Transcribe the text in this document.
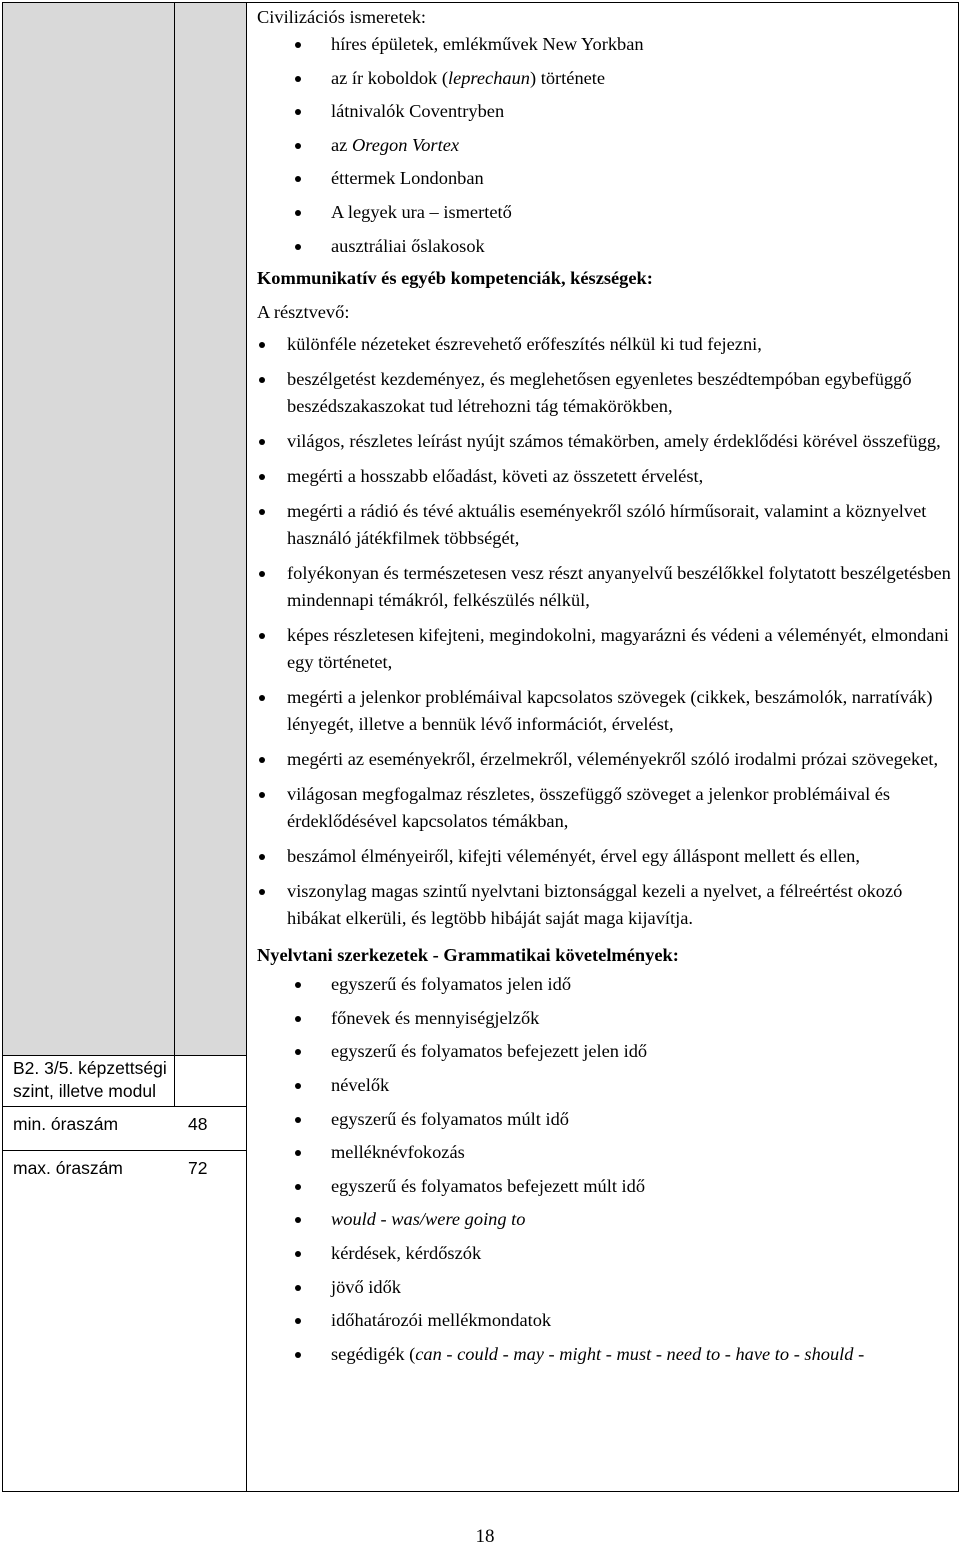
B2. 3/5. képzettségi
szint, illetve modul
min. óraszám	48
max. óraszám	72

Civilizációs ismeretek:

híres épületek, emlékművek New Yorkban
az ír koboldok (leprechaun) története
látnivalók Coventryben
az Oregon Vortex
éttermek Londonban
A legyek ura – ismertető
ausztráliai őslakosok

Kommunikatív és egyéb kompetenciák, készségek:

A résztvevő:

különféle nézeteket észrevehető erőfeszítés nélkül ki tud fejezni,
beszélgetést kezdeményez, és meglehetősen egyenletes beszédtempóban egybefüggő beszédszakaszokat tud létrehozni tág témakörökben,
világos, részletes leírást nyújt számos témakörben, amely érdeklődési körével összefügg,
megérti a hosszabb előadást, követi az összetett érvelést,
megérti a rádió és tévé aktuális eseményekről szóló hírműsorait, valamint a köznyelvet használó játékfilmek többségét,
folyékonyan és természetesen vesz részt anyanyelvű beszélőkkel folytatott beszélgetésben mindennapi témákról, felkészülés nélkül,
képes részletesen kifejteni, megindokolni, magyarázni és védeni a véleményét, elmondani egy történetet,
megérti a jelenkor problémáival kapcsolatos szövegek (cikkek, beszámolók, narratívák) lényegét, illetve a bennük lévő információt, érvelést,
megérti az eseményekről, érzelmekről, véleményekről szóló irodalmi prózai szövegeket,
világosan megfogalmaz részletes, összefüggő szöveget a jelenkor problémáival és érdeklődésével kapcsolatos témákban,
beszámol élményeiről, kifejti véleményét, érvel egy álláspont mellett és ellen,
viszonylag magas szintű nyelvtani biztonsággal kezeli a nyelvet, a félreértést okozó hibákat elkerüli, és legtöbb hibáját saját maga kijavítja.

Nyelvtani szerkezetek - Grammatikai követelmények:

egyszerű és folyamatos jelen idő
főnevek és mennyiségjelzők
egyszerű és folyamatos befejezett jelen idő
névelők
egyszerű és folyamatos múlt idő
melléknévfokozás
egyszerű és folyamatos befejezett múlt idő
would - was/were going to
kérdések, kérdőszók
jövő idők
időhatározói mellékmondatok
segédigék (can - could - may - might - must - need to - have to - should -
18
